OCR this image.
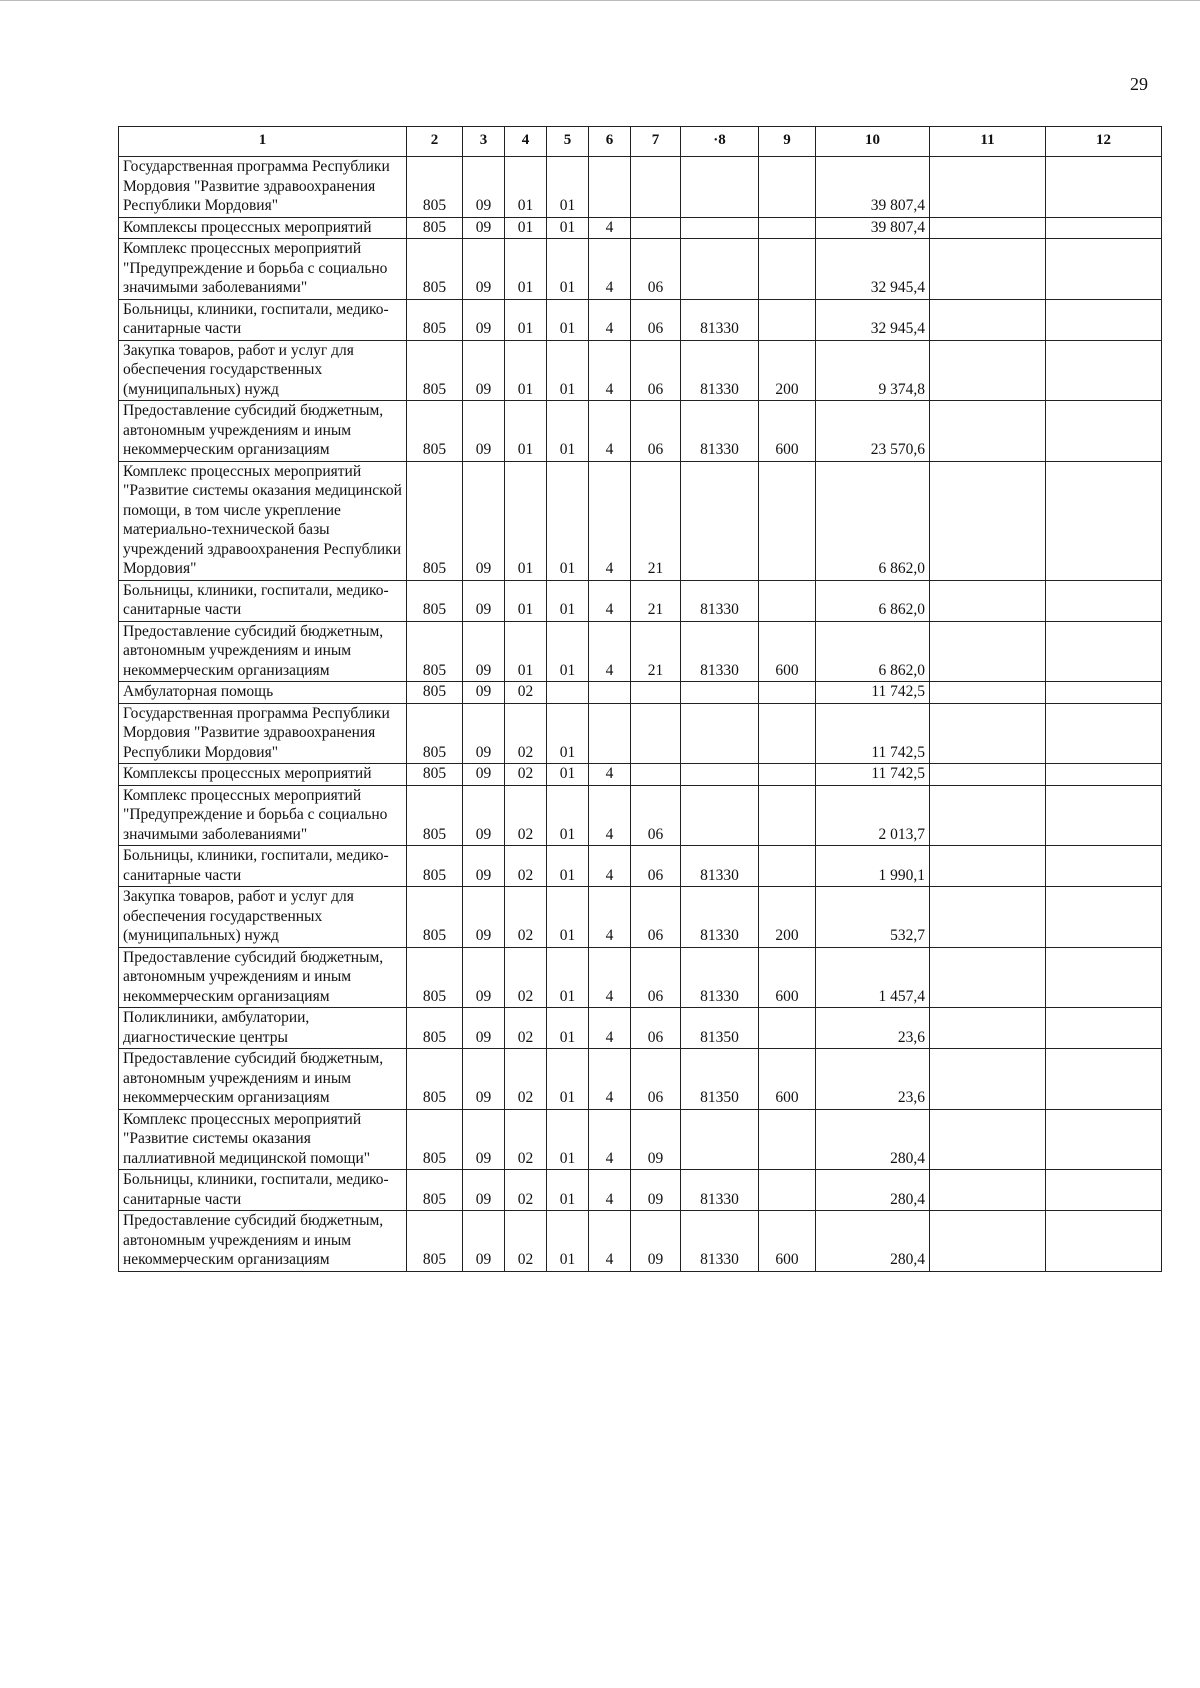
29
1	2	3	4	5	6	7	·8	9	10	11	12
Государственная программа Республики Мордовия "Развитие здравоохранения Республики Мордовия"	805	09	01	01					39 807,4		
Комплексы процессных мероприятий	805	09	01	01	4				39 807,4		
Комплекс процессных мероприятий "Предупреждение и борьба с социально значимыми заболеваниями"	805	09	01	01	4	06			32 945,4		
Больницы, клиники, госпитали, медико-санитарные части	805	09	01	01	4	06	81330		32 945,4		
Закупка товаров, работ и услуг для обеспечения государственных (муниципальных) нужд	805	09	01	01	4	06	81330	200	9 374,8		
Предоставление субсидий бюджетным, автономным учреждениям и иным некоммерческим организациям	805	09	01	01	4	06	81330	600	23 570,6		
Комплекс процессных мероприятий "Развитие системы оказания медицинской помощи, в том числе укрепление материально-технической базы учреждений здравоохранения Республики Мордовия"	805	09	01	01	4	21			6 862,0		
Больницы, клиники, госпитали, медико-санитарные части	805	09	01	01	4	21	81330		6 862,0		
Предоставление субсидий бюджетным, автономным учреждениям и иным некоммерческим организациям	805	09	01	01	4	21	81330	600	6 862,0		
Амбулаторная помощь	805	09	02						11 742,5		
Государственная программа Республики Мордовия "Развитие здравоохранения Республики Мордовия"	805	09	02	01					11 742,5		
Комплексы процессных мероприятий	805	09	02	01	4				11 742,5		
Комплекс процессных мероприятий "Предупреждение и борьба с социально значимыми заболеваниями"	805	09	02	01	4	06			2 013,7		
Больницы, клиники, госпитали, медико-санитарные части	805	09	02	01	4	06	81330		1 990,1		
Закупка товаров, работ и услуг для обеспечения государственных (муниципальных) нужд	805	09	02	01	4	06	81330	200	532,7		
Предоставление субсидий бюджетным, автономным учреждениям и иным некоммерческим организациям	805	09	02	01	4	06	81330	600	1 457,4		
Поликлиники, амбулатории, диагностические центры	805	09	02	01	4	06	81350		23,6		
Предоставление субсидий бюджетным, автономным учреждениям и иным некоммерческим организациям	805	09	02	01	4	06	81350	600	23,6		
Комплекс процессных мероприятий "Развитие системы оказания паллиативной медицинской помощи"	805	09	02	01	4	09			280,4		
Больницы, клиники, госпитали, медико-санитарные части	805	09	02	01	4	09	81330		280,4		
Предоставление субсидий бюджетным, автономным учреждениям и иным некоммерческим организациям	805	09	02	01	4	09	81330	600	280,4		
